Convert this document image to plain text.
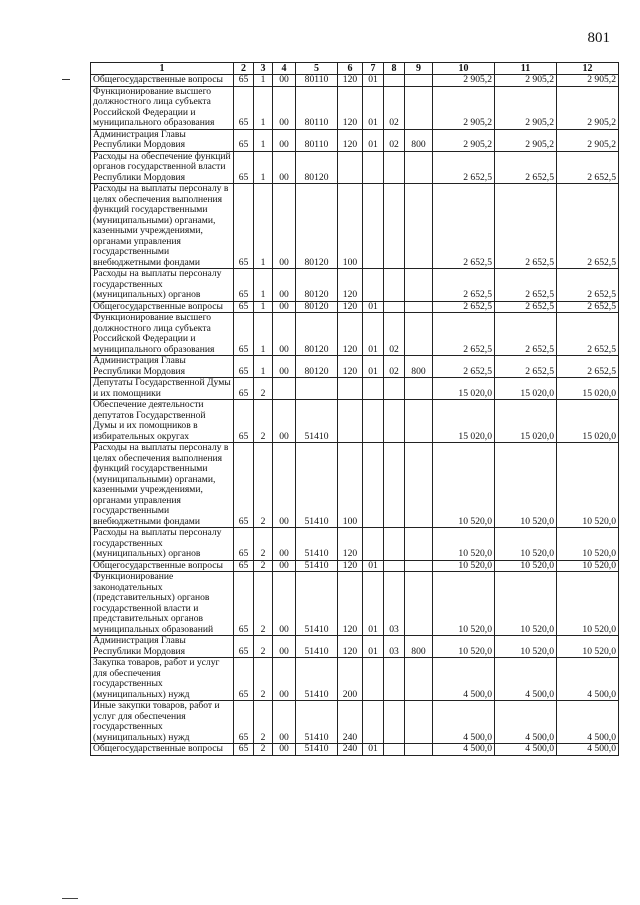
801
1	2	3	4	5	6	7	8	9	10	11	12
Общегосударственные вопросы	65	1	00	80110	120	01			2 905,2	2 905,2	2 905,2
Функционирование высшего должностного лица субъекта Российской Федерации и муниципального образования	65	1	00	80110	120	01	02		2 905,2	2 905,2	2 905,2
Администрация Главы Республики Мордовия	65	1	00	80110	120	01	02	800	2 905,2	2 905,2	2 905,2
Расходы на обеспечение функций органов государственной власти Республики Мордовия	65	1	00	80120					2 652,5	2 652,5	2 652,5
Расходы на выплаты персоналу в целях обеспечения выполнения функций государственными (муниципальными) органами, казенными учреждениями, органами управления государственными внебюджетными фондами	65	1	00	80120	100				2 652,5	2 652,5	2 652,5
Расходы на выплаты персоналу государственных (муниципальных) органов	65	1	00	80120	120				2 652,5	2 652,5	2 652,5
Общегосударственные вопросы	65	1	00	80120	120	01			2 652,5	2 652,5	2 652,5
Функционирование высшего должностного лица субъекта Российской Федерации и муниципального образования	65	1	00	80120	120	01	02		2 652,5	2 652,5	2 652,5
Администрация Главы Республики Мордовия	65	1	00	80120	120	01	02	800	2 652,5	2 652,5	2 652,5
Депутаты Государственной Думы и их помощники	65	2							15 020,0	15 020,0	15 020,0
Обеспечение деятельности депутатов Государственной Думы и их помощников в избирательных округах	65	2	00	51410					15 020,0	15 020,0	15 020,0
Расходы на выплаты персоналу в целях обеспечения выполнения функций государственными (муниципальными) органами, казенными учреждениями, органами управления государственными внебюджетными фондами	65	2	00	51410	100				10 520,0	10 520,0	10 520,0
Расходы на выплаты персоналу государственных (муниципальных) органов	65	2	00	51410	120				10 520,0	10 520,0	10 520,0
Общегосударственные вопросы	65	2	00	51410	120	01			10 520,0	10 520,0	10 520,0
Функционирование законодательных (представительных) органов государственной власти и представительных органов муниципальных образований	65	2	00	51410	120	01	03		10 520,0	10 520,0	10 520,0
Администрация Главы Республики Мордовия	65	2	00	51410	120	01	03	800	10 520,0	10 520,0	10 520,0
Закупка товаров, работ и услуг для обеспечения государственных (муниципальных) нужд	65	2	00	51410	200				4 500,0	4 500,0	4 500,0
Иные закупки товаров, работ и услуг для обеспечения государственных (муниципальных) нужд	65	2	00	51410	240				4 500,0	4 500,0	4 500,0
Общегосударственные вопросы	65	2	00	51410	240	01			4 500,0	4 500,0	4 500,0
